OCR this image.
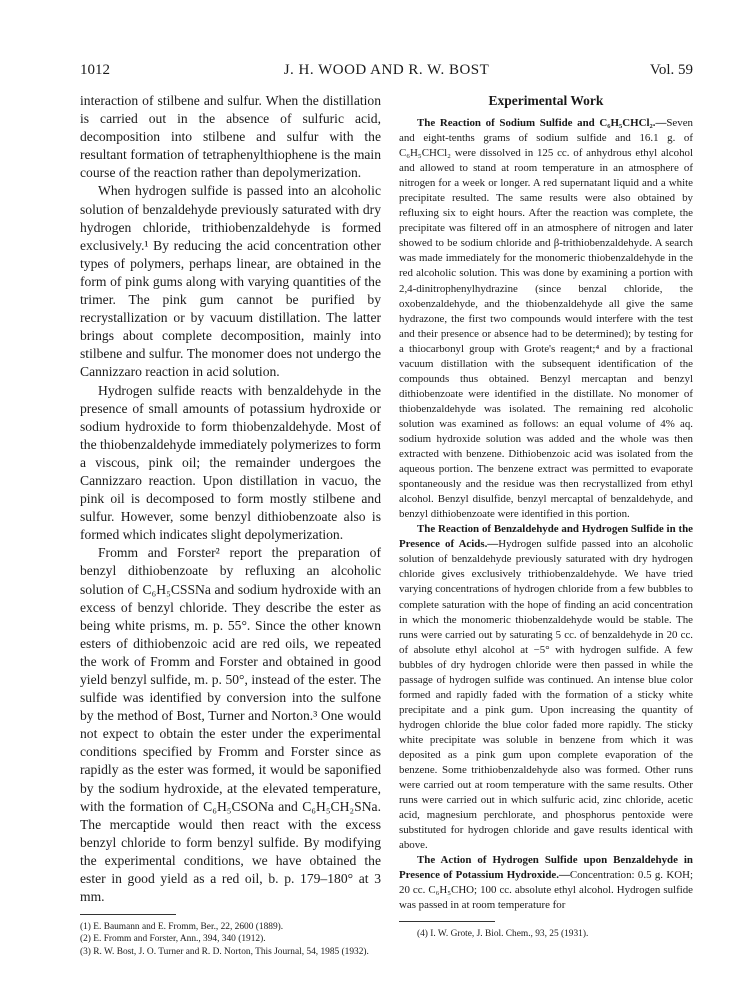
1012	J. H. WOOD AND R. W. BOST	Vol. 59

interaction of stilbene and sulfur. When the distillation is carried out in the absence of sulfuric acid, decomposition into stilbene and sulfur with the resultant formation of tetraphenylthiophene is the main course of the reaction rather than depolymerization.

When hydrogen sulfide is passed into an alcoholic solution of benzaldehyde previously saturated with dry hydrogen chloride, trithiobenzaldehyde is formed exclusively.¹ By reducing the acid concentration other types of polymers, perhaps linear, are obtained in the form of pink gums along with varying quantities of the trimer. The pink gum cannot be purified by recrystallization or by vacuum distillation. The latter brings about complete decomposition, mainly into stilbene and sulfur. The monomer does not undergo the Cannizzaro reaction in acid solution.

Hydrogen sulfide reacts with benzaldehyde in the presence of small amounts of potassium hydroxide or sodium hydroxide to form thiobenzaldehyde. Most of the thiobenzaldehyde immediately polymerizes to form a viscous, pink oil; the remainder undergoes the Cannizzaro reaction. Upon distillation in vacuo, the pink oil is decomposed to form mostly stilbene and sulfur. However, some benzyl dithiobenzoate also is formed which indicates slight depolymerization.

Fromm and Forster² report the preparation of benzyl dithiobenzoate by refluxing an alcoholic solution of C₆H₅CSSNa and sodium hydroxide with an excess of benzyl chloride. They describe the ester as being white prisms, m. p. 55°. Since the other known esters of dithiobenzoic acid are red oils, we repeated the work of Fromm and Forster and obtained in good yield benzyl sulfide, m. p. 50°, instead of the ester. The sulfide was identified by conversion into the sulfone by the method of Bost, Turner and Norton.³ One would not expect to obtain the ester under the experimental conditions specified by Fromm and Forster since as rapidly as the ester was formed, it would be saponified by the sodium hydroxide, at the elevated temperature, with the formation of C₆H₅CSONa and C₆H₅CH₂SNa. The mercaptide would then react with the excess benzyl chloride to form benzyl sulfide. By modifying the experimental conditions, we have obtained the ester in good yield as a red oil, b. p. 179–180° at 3 mm.

(1) E. Baumann and E. Fromm, Ber., 22, 2600 (1889).

(2) E. Fromm and Forster, Ann., 394, 340 (1912).

(3) R. W. Bost, J. O. Turner and R. D. Norton, This Journal, 54, 1985 (1932).

Experimental Work

The Reaction of Sodium Sulfide and C₆H₅CHCl₂.—Seven and eight-tenths grams of sodium sulfide and 16.1 g. of C₆H₅CHCl₂ were dissolved in 125 cc. of anhydrous ethyl alcohol and allowed to stand at room temperature in an atmosphere of nitrogen for a week or longer. A red supernatant liquid and a white precipitate resulted. The same results were also obtained by refluxing six to eight hours. After the reaction was complete, the precipitate was filtered off in an atmosphere of nitrogen and later showed to be sodium chloride and β-trithiobenzaldehyde. A search was made immediately for the monomeric thiobenzaldehyde in the red alcoholic solution. This was done by examining a portion with 2,4-dinitrophenylhydrazine (since benzal chloride, the oxobenzaldehyde, and the thiobenzaldehyde all give the same hydrazone, the first two compounds would interfere with the test and their presence or absence had to be determined); by testing for a thiocarbonyl group with Grote's reagent;⁴ and by a fractional vacuum distillation with the subsequent identification of the compounds thus obtained. Benzyl mercaptan and benzyl dithiobenzoate were identified in the distillate. No monomer of thiobenzaldehyde was isolated. The remaining red alcoholic solution was examined as follows: an equal volume of 4% aq. sodium hydroxide solution was added and the whole was then extracted with benzene. Dithiobenzoic acid was isolated from the aqueous portion. The benzene extract was permitted to evaporate spontaneously and the residue was then recrystallized from ethyl alcohol. Benzyl disulfide, benzyl mercaptal of benzaldehyde, and benzyl dithiobenzoate were identified in this portion.

The Reaction of Benzaldehyde and Hydrogen Sulfide in the Presence of Acids.—Hydrogen sulfide passed into an alcoholic solution of benzaldehyde previously saturated with dry hydrogen chloride gives exclusively trithiobenzaldehyde. We have tried varying concentrations of hydrogen chloride from a few bubbles to complete saturation with the hope of finding an acid concentration in which the monomeric thiobenzaldehyde would be stable. The runs were carried out by saturating 5 cc. of benzaldehyde in 20 cc. of absolute ethyl alcohol at −5° with hydrogen sulfide. A few bubbles of dry hydrogen chloride were then passed in while the passage of hydrogen sulfide was continued. An intense blue color formed and rapidly faded with the formation of a sticky white precipitate and a pink gum. Upon increasing the quantity of hydrogen chloride the blue color faded more rapidly. The sticky white precipitate was soluble in benzene from which it was deposited as a pink gum upon complete evaporation of the benzene. Some trithiobenzaldehyde also was formed. Other runs were carried out at room temperature with the same results. Other runs were carried out in which sulfuric acid, zinc chloride, acetic acid, magnesium perchlorate, and phosphorus pentoxide were substituted for hydrogen chloride and gave results identical with above.

The Action of Hydrogen Sulfide upon Benzaldehyde in Presence of Potassium Hydroxide.—Concentration: 0.5 g. KOH; 20 cc. C₆H₅CHO; 100 cc. absolute ethyl alcohol. Hydrogen sulfide was passed in at room temperature for

(4) I. W. Grote, J. Biol. Chem., 93, 25 (1931).
